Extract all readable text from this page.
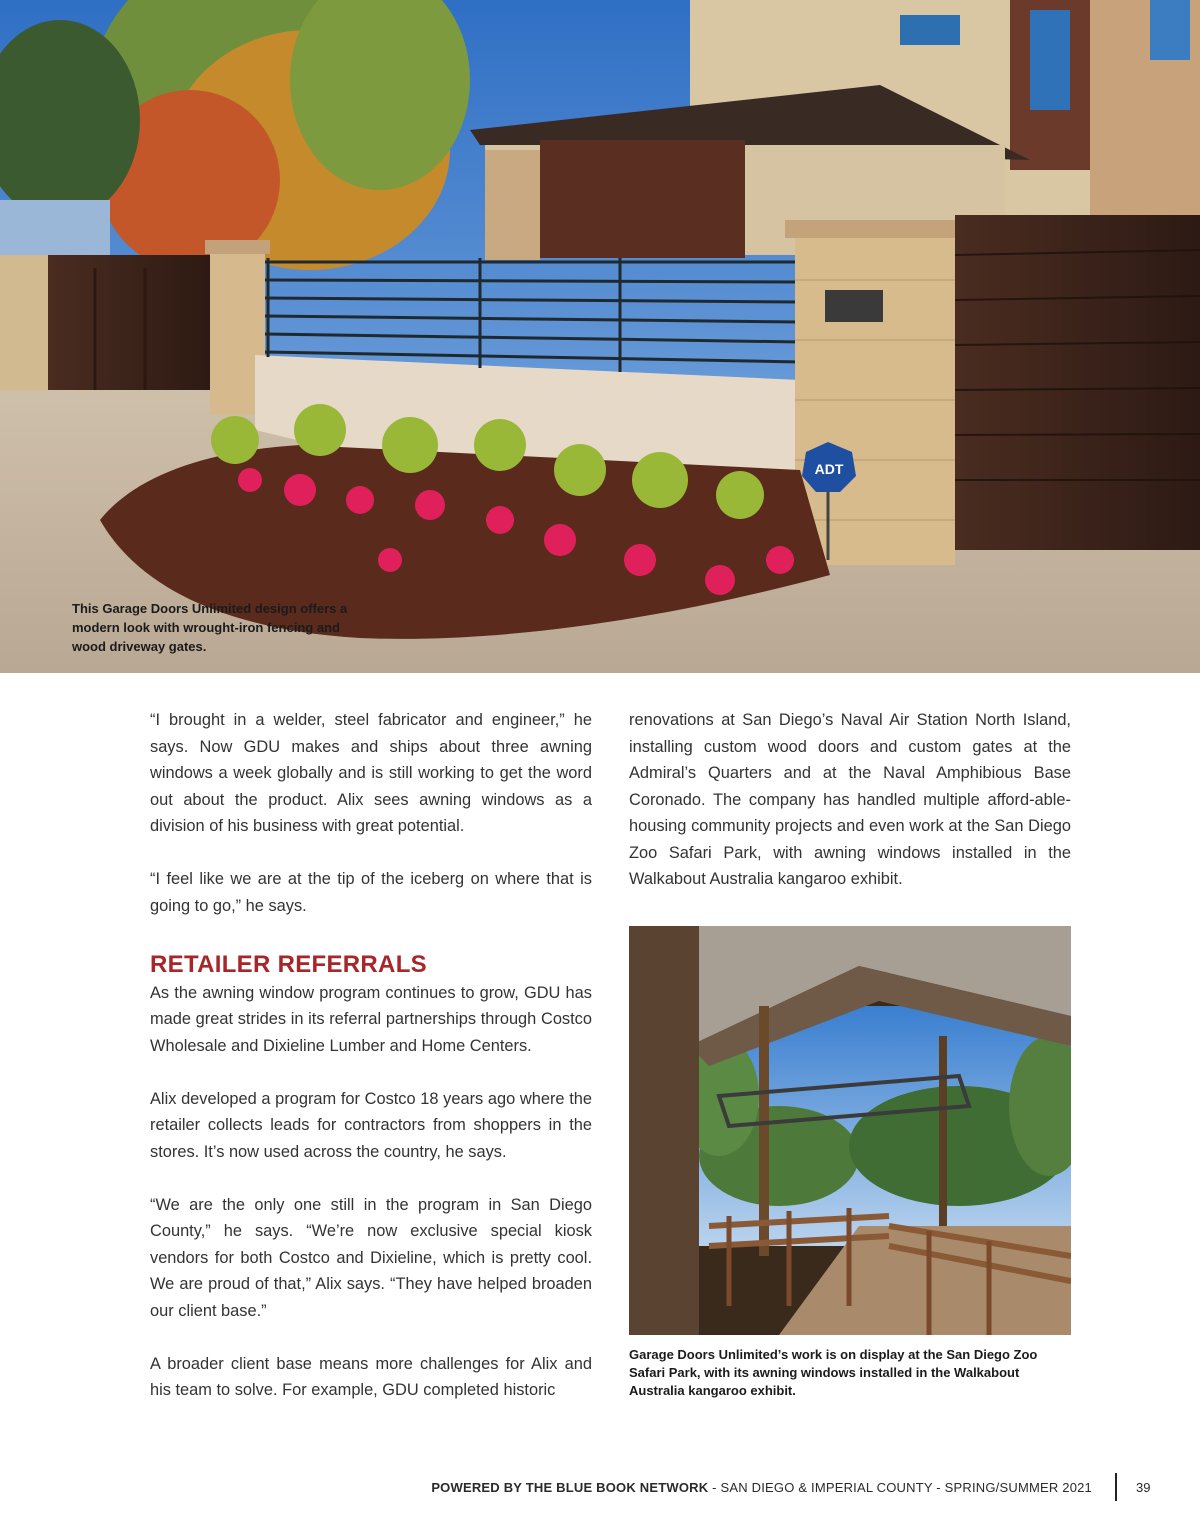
ADT
This Garage Doors Unlimited design offers a modern look with wrought-iron fencing and wood driveway gates.

“I brought in a welder, steel fabricator and engineer,” he says. Now GDU makes and ships about three awning windows a week globally and is still working to get the word out about the product. Alix sees awning windows as a division of his business with great potential.

“I feel like we are at the tip of the iceberg on where that is going to go,” he says.

RETAILER REFERRALS

As the awning window program continues to grow, GDU has made great strides in its referral partnerships through Costco Wholesale and Dixieline Lumber and Home Centers.

Alix developed a program for Costco 18 years ago where the retailer collects leads for contractors from shoppers in the stores. It’s now used across the country, he says.

“We are the only one still in the program in San Diego County,” he says. “We’re now exclusive special kiosk vendors for both Costco and Dixieline, which is pretty cool. We are proud of that,” Alix says. “They have helped broaden our client base.”

A broader client base means more challenges for Alix and his team to solve. For example, GDU completed historic

renovations at San Diego’s Naval Air Station North Island, installing custom wood doors and custom gates at the Admiral’s Quarters and at the Naval Amphibious Base Coronado. The company has handled multiple afford-able-housing community projects and even work at the San Diego Zoo Safari Park, with awning windows installed in the Walkabout Australia kangaroo exhibit.

Garage Doors Unlimited’s work is on display at the San Diego Zoo Safari Park, with its awning windows installed in the Walkabout Australia kangaroo exhibit.
POWERED BY THE BLUE BOOK NETWORK - SAN DIEGO & IMPERIAL COUNTY - SPRING/SUMMER 2021	39
